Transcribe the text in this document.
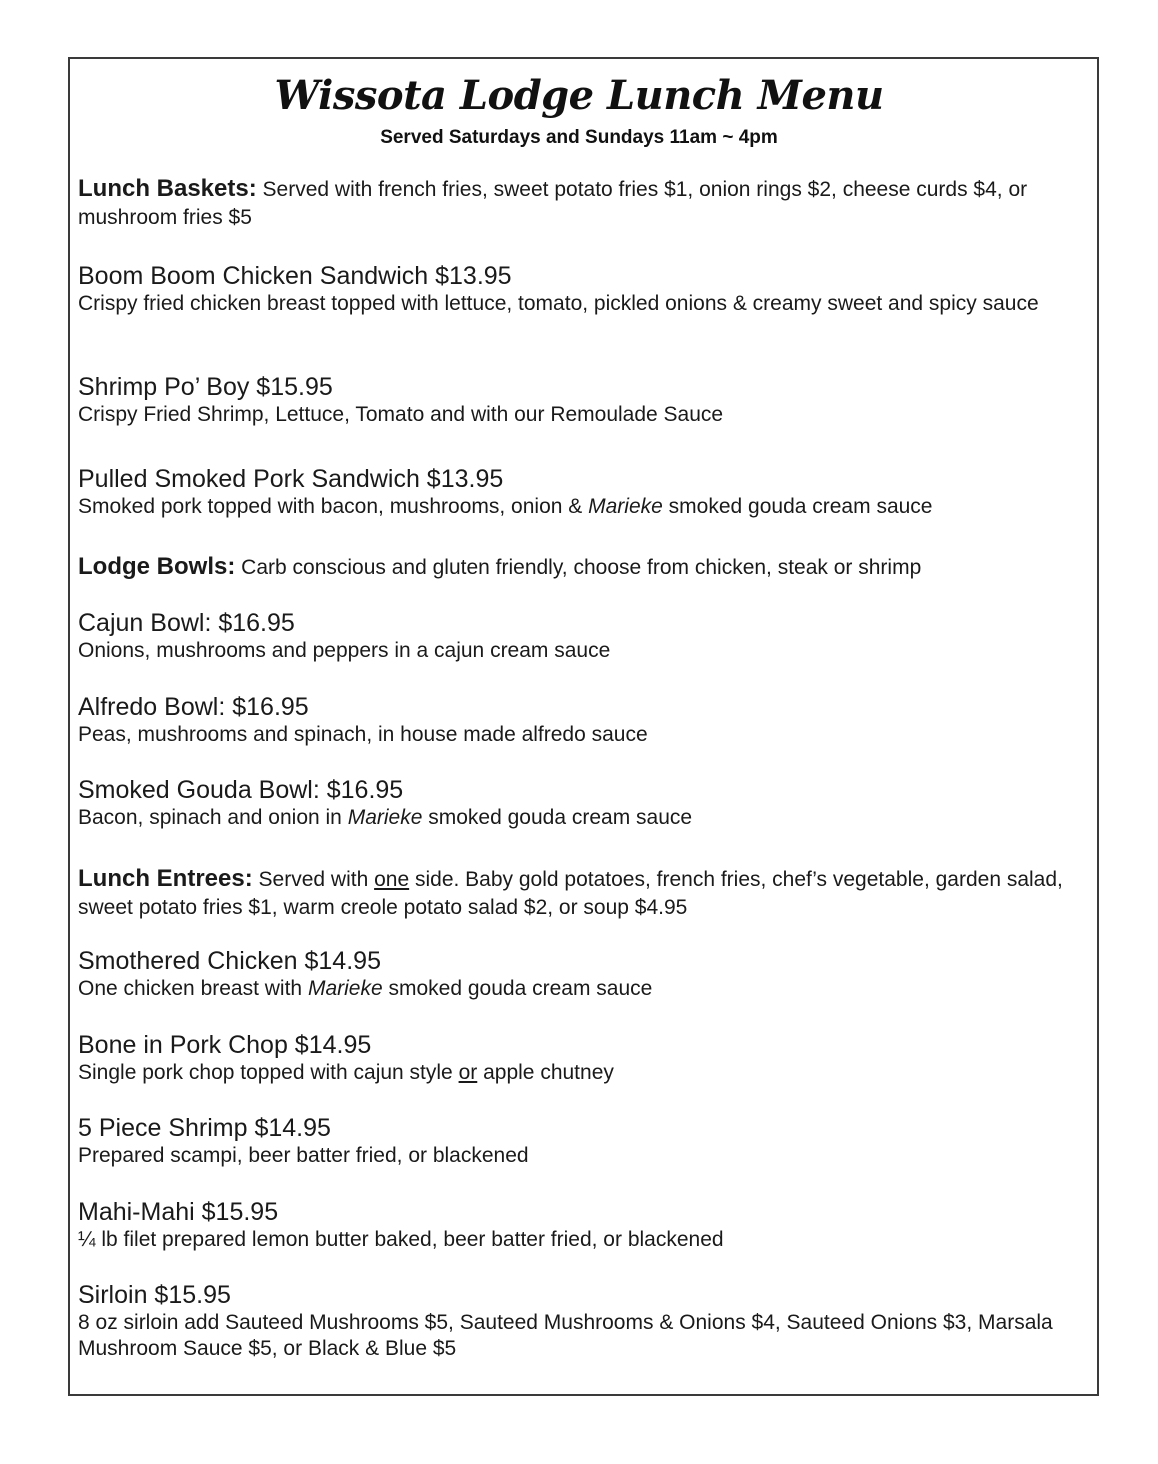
Wissota Lodge Lunch Menu
Served Saturdays and Sundays 11am ~ 4pm
Lunch Baskets: Served with french fries, sweet potato fries $1, onion rings $2, cheese curds $4, or mushroom fries $5
Boom Boom Chicken Sandwich $13.95
Crispy fried chicken breast topped with lettuce, tomato, pickled onions & creamy sweet and spicy sauce
Shrimp Po’ Boy $15.95
Crispy Fried Shrimp, Lettuce, Tomato and with our Remoulade Sauce
Pulled Smoked Pork Sandwich $13.95
Smoked pork topped with bacon, mushrooms, onion & Marieke smoked gouda cream sauce
Lodge Bowls: Carb conscious and gluten friendly, choose from chicken, steak or shrimp
Cajun Bowl: $16.95
Onions, mushrooms and peppers in a cajun cream sauce
Alfredo Bowl: $16.95
Peas, mushrooms and spinach, in house made alfredo sauce
Smoked Gouda Bowl: $16.95
Bacon, spinach and onion in Marieke smoked gouda cream sauce
Lunch Entrees: Served with one side. Baby gold potatoes, french fries, chef’s vegetable, garden salad, sweet potato fries $1, warm creole potato salad $2, or soup $4.95
Smothered Chicken $14.95
One chicken breast with Marieke smoked gouda cream sauce
Bone in Pork Chop $14.95
Single pork chop topped with cajun style or apple chutney
5 Piece Shrimp $14.95
Prepared scampi, beer batter fried, or blackened
Mahi-Mahi $15.95
¼ lb filet prepared lemon butter baked, beer batter fried, or blackened
Sirloin $15.95
8 oz sirloin add Sauteed Mushrooms $5, Sauteed Mushrooms & Onions $4, Sauteed Onions $3, Marsala Mushroom Sauce $5, or Black & Blue $5
